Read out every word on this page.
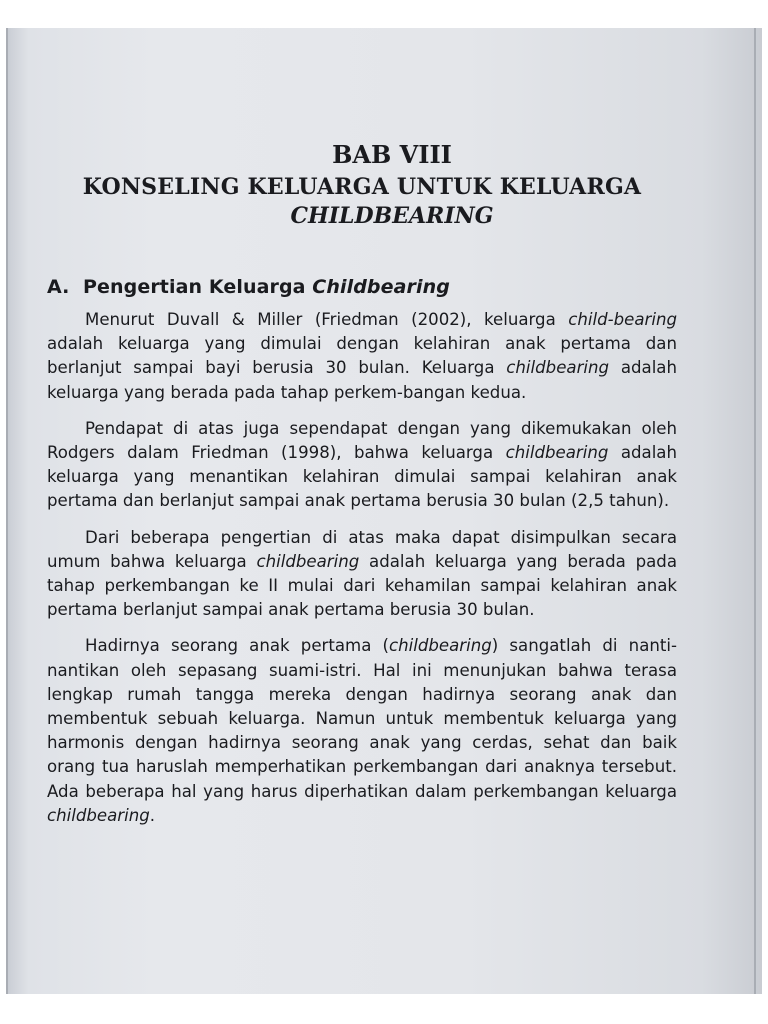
BAB VIII
KONSELING KELUARGA UNTUK KELUARGA
CHILDBEARING
A. Pengertian Keluarga Childbearing

Menurut Duvall & Miller (Friedman (2002), keluarga child-bearing adalah keluarga yang dimulai dengan kelahiran anak pertama dan berlanjut sampai bayi berusia 30 bulan. Keluarga childbearing adalah keluarga yang berada pada tahap perkem-bangan kedua.

Pendapat di atas juga sependapat dengan yang dikemukakan oleh Rodgers dalam Friedman (1998), bahwa keluarga childbearing adalah keluarga yang menantikan kelahiran dimulai sampai kelahiran anak pertama dan berlanjut sampai anak pertama berusia 30 bulan (2,5 tahun).

Dari beberapa pengertian di atas maka dapat disimpulkan secara umum bahwa keluarga childbearing adalah keluarga yang berada pada tahap perkembangan ke II mulai dari kehamilan sampai kelahiran anak pertama berlanjut sampai anak pertama berusia 30 bulan.

Hadirnya seorang anak pertama (childbearing) sangatlah di nanti-nantikan oleh sepasang suami-istri. Hal ini menunjukan bahwa terasa lengkap rumah tangga mereka dengan hadirnya seorang anak dan membentuk sebuah keluarga. Namun untuk membentuk keluarga yang harmonis dengan hadirnya seorang anak yang cerdas, sehat dan baik orang tua haruslah memperhatikan perkembangan dari anaknya tersebut. Ada beberapa hal yang harus diperhatikan dalam perkembangan keluarga childbearing.
